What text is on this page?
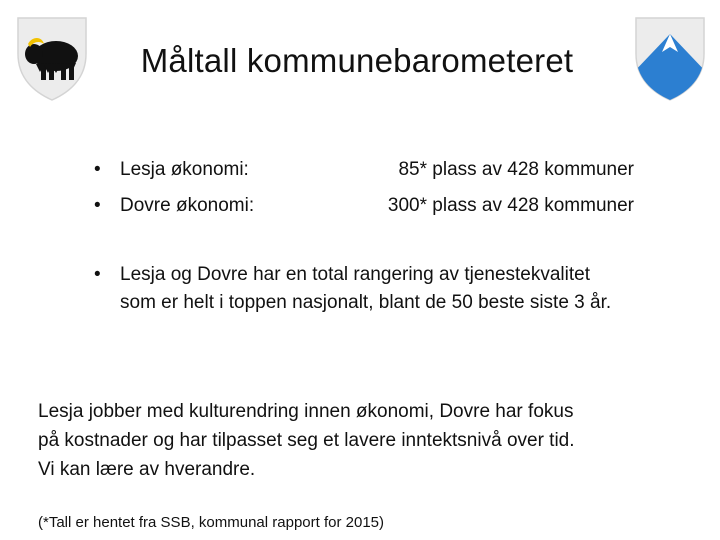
Måltall kommunebarometeret
• Lesja økonomi:	85* plass av 428 kommuner
• Dovre økonomi:	300* plass av 428 kommuner
• Lesja og Dovre har en total rangering av tjenestekvalitet
som er helt i toppen nasjonalt, blant de 50 beste siste 3 år.
Lesja jobber med kulturendring innen økonomi, Dovre har fokus
på kostnader og har tilpasset seg et lavere inntektsnivå over tid.
Vi kan lære av hverandre.
(*Tall er hentet fra SSB, kommunal rapport for 2015)
